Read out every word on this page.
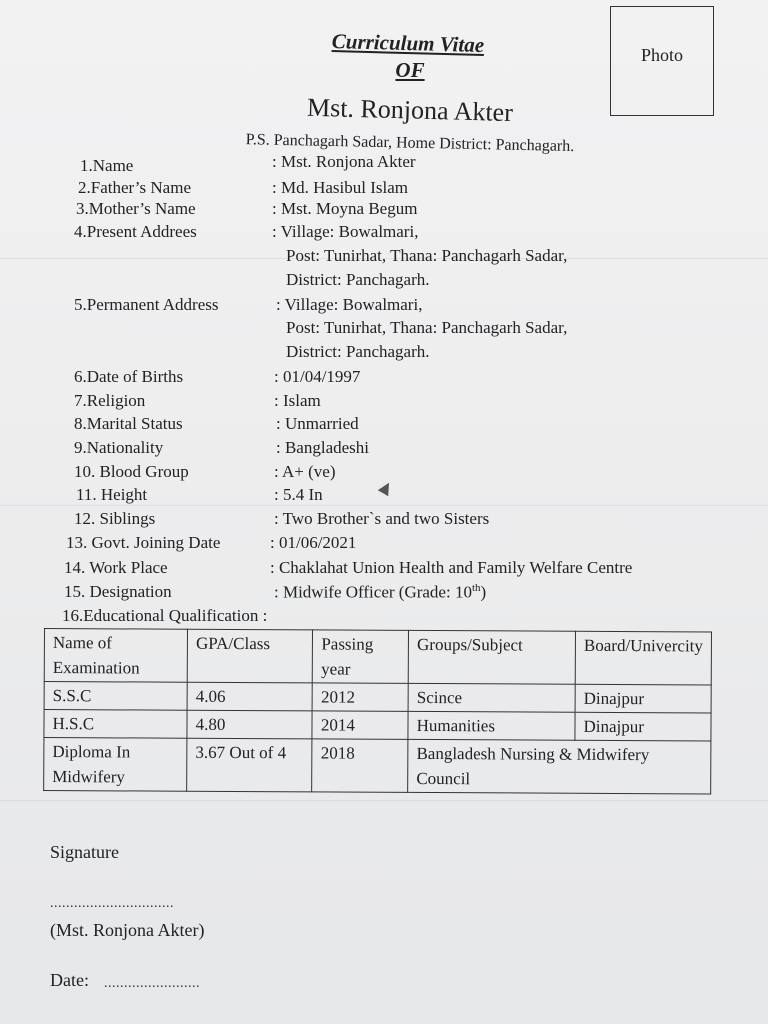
Curriculum Vitae
OF
Photo
Mst. Ronjona Akter
P.S. Panchagarh Sadar, Home District: Panchagarh.
1.Name	: Mst. Ronjona Akter
2.Father’s Name	: Md. Hasibul Islam
3.Mother’s Name	: Mst. Moyna Begum
4.Present Addrees	: Village: Bowalmari,
Post: Tunirhat, Thana: Panchagarh Sadar,
District: Panchagarh.
5.Permanent Address	: Village: Bowalmari,
Post: Tunirhat, Thana: Panchagarh Sadar,
District: Panchagarh.
6.Date of Births	: 01/04/1997
7.Religion	: Islam
8.Marital Status	: Unmarried
9.Nationality	: Bangladeshi
10. Blood Group	: A+ (ve)
11. Height	: 5.4 In
12. Siblings	: Two Brother`s and two Sisters
13. Govt. Joining Date	: 01/06/2021
14. Work Place	: Chaklahat Union Health and Family Welfare Centre
15. Designation	: Midwife Officer (Grade: 10th)
16.Educational Qualification :
Name of Examination	GPA/Class	Passing year	Groups/Subject	Board/Univercity
S.S.C	4.06	2012	Scince	Dinajpur
H.S.C	4.80	2014	Humanities	Dinajpur
Diploma In Midwifery	3.67 Out of 4	2018	Bangladesh Nursing & Midwifery Council	
Signature
...............................
(Mst. Ronjona Akter)
Date: ........................
